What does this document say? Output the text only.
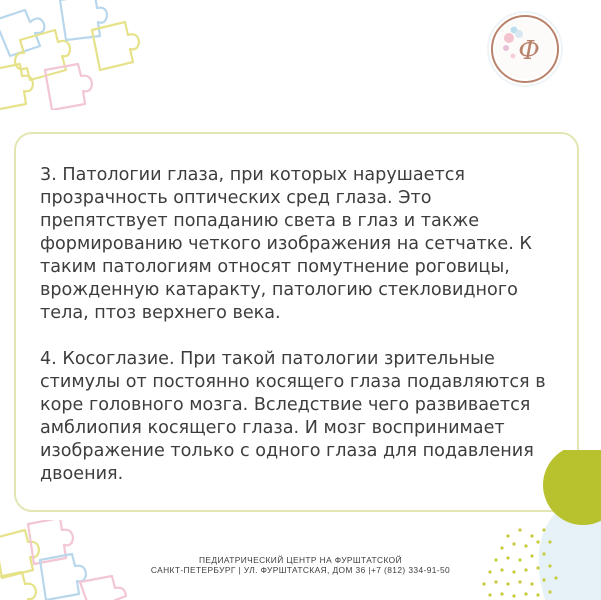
Ф

3. Патологии глаза, при которых нарушается прозрачность оптических сред глаза. Это препятствует попаданию света в глаз и также формированию четкого изображения на сетчатке. К таким патологиям относят помутнение роговицы, врожденную катаракту, патологию стекловидного тела, птоз верхнего века.

4. Косоглазие. При такой патологии зрительные стимулы от постоянно косящего глаза подавляются в коре головного мозга. Вследствие чего развивается амблиопия косящего глаза. И мозг воспринимает изображение только с одного глаза для подавления двоения.

ПЕДИАТРИЧЕСКИЙ ЦЕНТР НА ФУРШТАТСКОЙ
САНКТ-ПЕТЕРБУРГ | УЛ. ФУРШТАТСКАЯ, ДОМ 36 |+7 (812) 334-91-50
